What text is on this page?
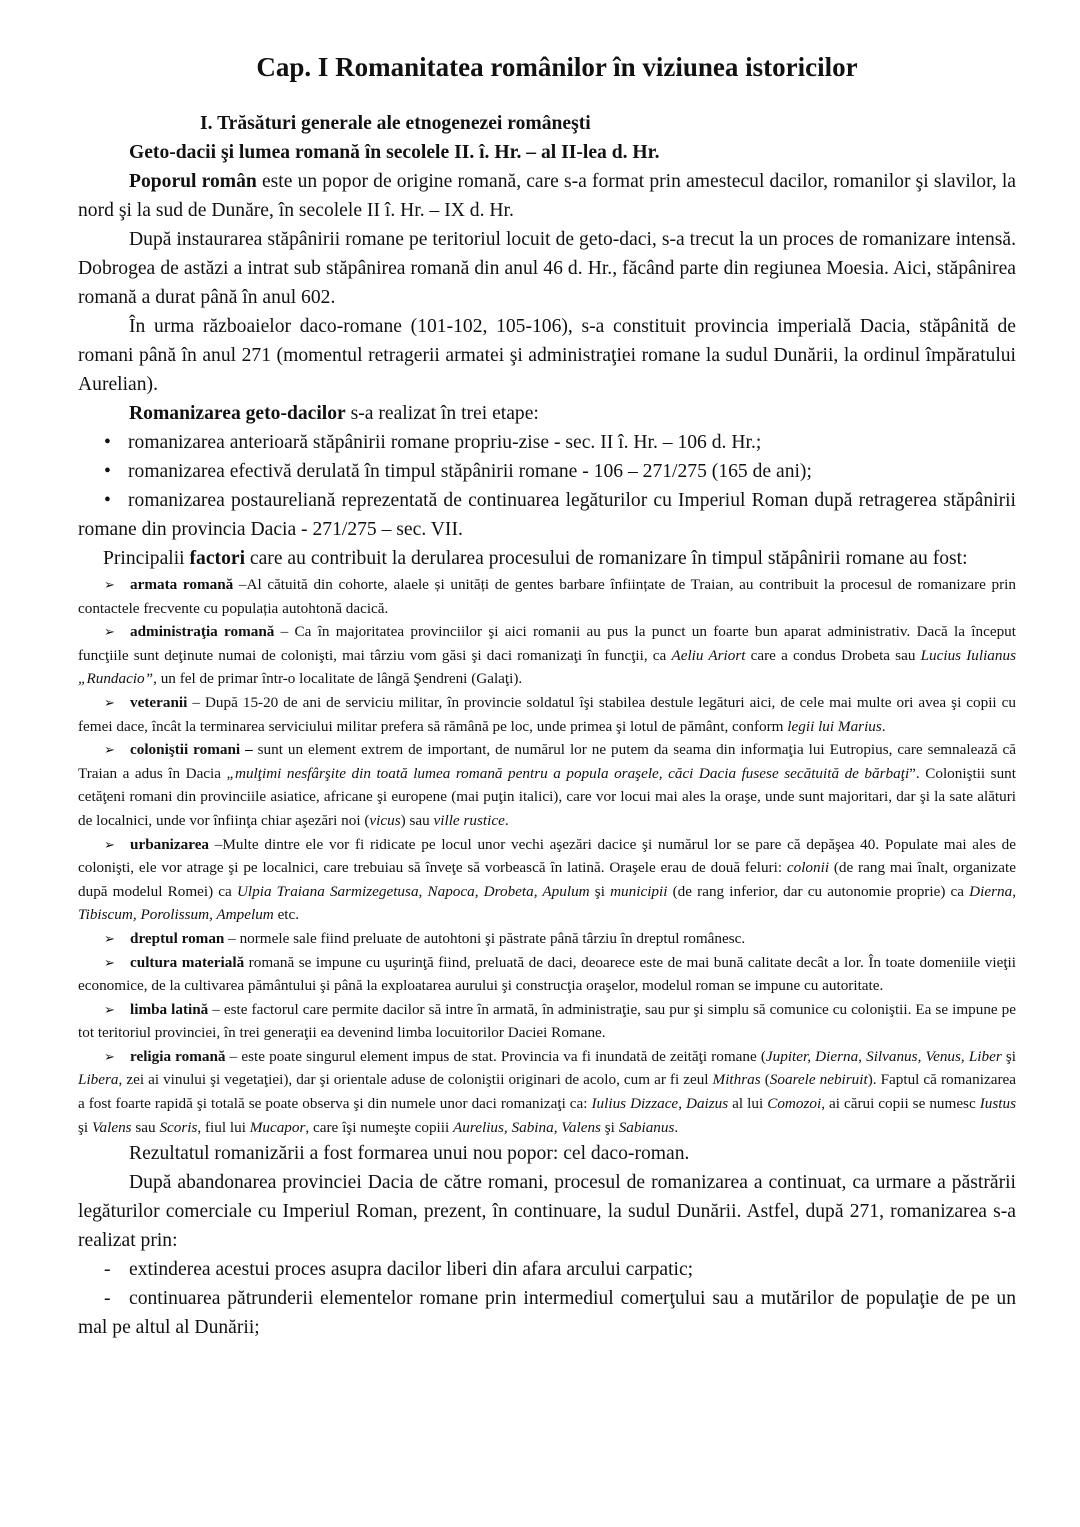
Cap. I Romanitatea românilor în viziunea istoricilor

I. Trăsături generale ale etnogenezei româneşti

Geto-dacii şi lumea romană în secolele II. î. Hr. – al II-lea d. Hr.

Poporul român este un popor de origine romană, care s-a format prin amestecul dacilor, romanilor şi slavilor, la nord şi la sud de Dunăre, în secolele II î. Hr. – IX d. Hr.

După instaurarea stăpânirii romane pe teritoriul locuit de geto-daci, s-a trecut la un proces de romanizare intensă. Dobrogea de astăzi a intrat sub stăpânirea romană din anul 46 d. Hr., făcând parte din regiunea Moesia. Aici, stăpânirea romană a durat până în anul 602.

În urma războaielor daco-romane (101-102, 105-106), s-a constituit provincia imperială Dacia, stăpânită de romani până în anul 271 (momentul retragerii armatei şi administraţiei romane la sudul Dunării, la ordinul împăratului Aurelian).

Romanizarea geto-dacilor s-a realizat în trei etape:

• romanizarea anterioară stăpânirii romane propriu-zise - sec. II î. Hr. – 106 d. Hr.;
• romanizarea efectivă derulată în timpul stăpânirii romane - 106 – 271/275 (165 de ani);
• romanizarea postaureliană reprezentată de continuarea legăturilor cu Imperiul Roman după retragerea stăpânirii romane din provincia Dacia - 271/275 – sec. VII.

Principalii factori care au contribuit la derularea procesului de romanizare în timpul stăpânirii romane au fost:

➢ armata romană –Al cătuită din cohorte, alaele și unități de gentes barbare înființate de Traian, au contribuit la procesul de romanizare prin contactele frecvente cu populația autohtonă dacică.

➢ administraţia romană – Ca în majoritatea provinciilor şi aici romanii au pus la punct un foarte bun aparat administrativ. Dacă la început funcţiile sunt deţinute numai de colonişti, mai târziu vom găsi şi daci romanizaţi în funcţii, ca Aeliu Ariort care a condus Drobeta sau Lucius Iulianus „Rundacio”, un fel de primar într-o localitate de lângă Şendreni (Galaţi).

➢ veteranii – După 15-20 de ani de serviciu militar, în provincie soldatul îşi stabilea destule legături aici, de cele mai multe ori avea şi copii cu femei dace, încât la terminarea serviciului militar prefera să rămână pe loc, unde primea şi lotul de pământ, conform legii lui Marius.

➢ coloniştii romani – sunt un element extrem de important, de numărul lor ne putem da seama din informaţia lui Eutropius, care semnalează că Traian a adus în Dacia „mulţimi nesfârşite din toată lumea romană pentru a popula oraşele, căci Dacia fusese secătuită de bărbaţi”. Coloniştii sunt cetăţeni romani din provinciile asiatice, africane şi europene (mai puţin italici), care vor locui mai ales la oraşe, unde sunt majoritari, dar şi la sate alături de localnici, unde vor înfiinţa chiar aşezări noi (vicus) sau ville rustice.

➢ urbanizarea –Multe dintre ele vor fi ridicate pe locul unor vechi aşezări dacice şi numărul lor se pare că depăşea 40. Populate mai ales de colonişti, ele vor atrage şi pe localnici, care trebuiau să înveţe să vorbească în latină. Oraşele erau de două feluri: colonii (de rang mai înalt, organizate după modelul Romei) ca Ulpia Traiana Sarmizegetusa, Napoca, Drobeta, Apulum şi municipii (de rang inferior, dar cu autonomie proprie) ca Dierna, Tibiscum, Porolissum, Ampelum etc.

➢ dreptul roman – normele sale fiind preluate de autohtoni şi păstrate până târziu în dreptul românesc.

➢ cultura materială romană se impune cu uşurinţă fiind, preluată de daci, deoarece este de mai bună calitate decât a lor. În toate domeniile vieţii economice, de la cultivarea pământului şi până la exploatarea aurului şi construcţia oraşelor, modelul roman se impune cu autoritate.

➢ limba latină – este factorul care permite dacilor să intre în armată, în administraţie, sau pur şi simplu să comunice cu coloniştii. Ea se impune pe tot teritoriul provinciei, în trei generaţii ea devenind limba locuitorilor Daciei Romane.

➢ religia romană – este poate singurul element impus de stat. Provincia va fi inundată de zeităţi romane (Jupiter, Dierna, Silvanus, Venus, Liber şi Libera, zei ai vinului şi vegetaţiei), dar şi orientale aduse de coloniştii originari de acolo, cum ar fi zeul Mithras (Soarele nebiruit). Faptul că romanizarea a fost foarte rapidă şi totală se poate observa şi din numele unor daci romanizaţi ca: Iulius Dizzace, Daizus al lui Comozoi, ai cărui copii se numesc Iustus şi Valens sau Scoris, fiul lui Mucapor, care îşi numeşte copiii Aurelius, Sabina, Valens şi Sabianus.

Rezultatul romanizării a fost formarea unui nou popor: cel daco-roman.

După abandonarea provinciei Dacia de către romani, procesul de romanizarea a continuat, ca urmare a păstrării legăturilor comerciale cu Imperiul Roman, prezent, în continuare, la sudul Dunării. Astfel, după 271, romanizarea s-a realizat prin:

- extinderea acestui proces asupra dacilor liberi din afara arcului carpatic;

- continuarea pătrunderii elementelor romane prin intermediul comerţului sau a mutărilor de populaţie de pe un mal pe altul al Dunării;
